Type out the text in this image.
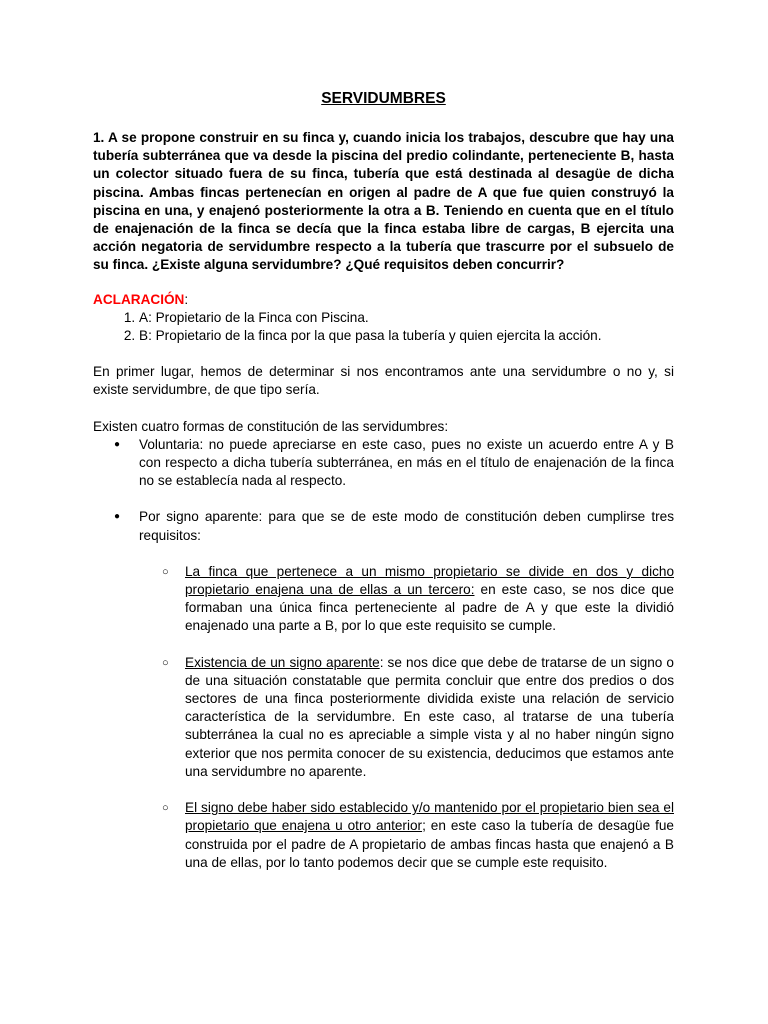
SERVIDUMBRES

1. A se propone construir en su finca y, cuando inicia los trabajos, descubre que hay una tubería subterránea que va desde la piscina del predio colindante, perteneciente B, hasta un colector situado fuera de su finca, tubería que está destinada al desagüe de dicha piscina. Ambas fincas pertenecían en origen al padre de A que fue quien construyó la piscina en una, y enajenó posteriormente la otra a B. Teniendo en cuenta que en el título de enajenación de la finca se decía que la finca estaba libre de cargas, B ejercita una acción negatoria de servidumbre respecto a la tubería que trascurre por el subsuelo de su finca. ¿Existe alguna servidumbre? ¿Qué requisitos deben concurrir?

ACLARACIÓN:

1. A: Propietario de la Finca con Piscina.
2. B: Propietario de la finca por la que pasa la tubería y quien ejercita la acción.

En primer lugar, hemos de determinar si nos encontramos ante una servidumbre o no y, si existe servidumbre, de que tipo sería.

Existen cuatro formas de constitución de las servidumbres:

● Voluntaria: no puede apreciarse en este caso, pues no existe un acuerdo entre A y B con respecto a dicha tubería subterránea, en más en el título de enajenación de la finca no se establecía nada al respecto.
● Por signo aparente: para que se de este modo de constitución deben cumplirse tres requisitos:
○ La finca que pertenece a un mismo propietario se divide en dos y dicho propietario enajena una de ellas a un tercero: en este caso, se nos dice que formaban una única finca perteneciente al padre de A y que este la dividió enajenado una parte a B, por lo que este requisito se cumple.
○ Existencia de un signo aparente: se nos dice que debe de tratarse de un signo o de una situación constatable que permita concluir que entre dos predios o dos sectores de una finca posteriormente dividida existe una relación de servicio característica de la servidumbre. En este caso, al tratarse de una tubería subterránea la cual no es apreciable a simple vista y al no haber ningún signo exterior que nos permita conocer de su existencia, deducimos que estamos ante una servidumbre no aparente.
○ El signo debe haber sido establecido y/o mantenido por el propietario bien sea el propietario que enajena u otro anterior; en este caso la tubería de desagüe fue construida por el padre de A propietario de ambas fincas hasta que enajenó a B una de ellas, por lo tanto podemos decir que se cumple este requisito.
